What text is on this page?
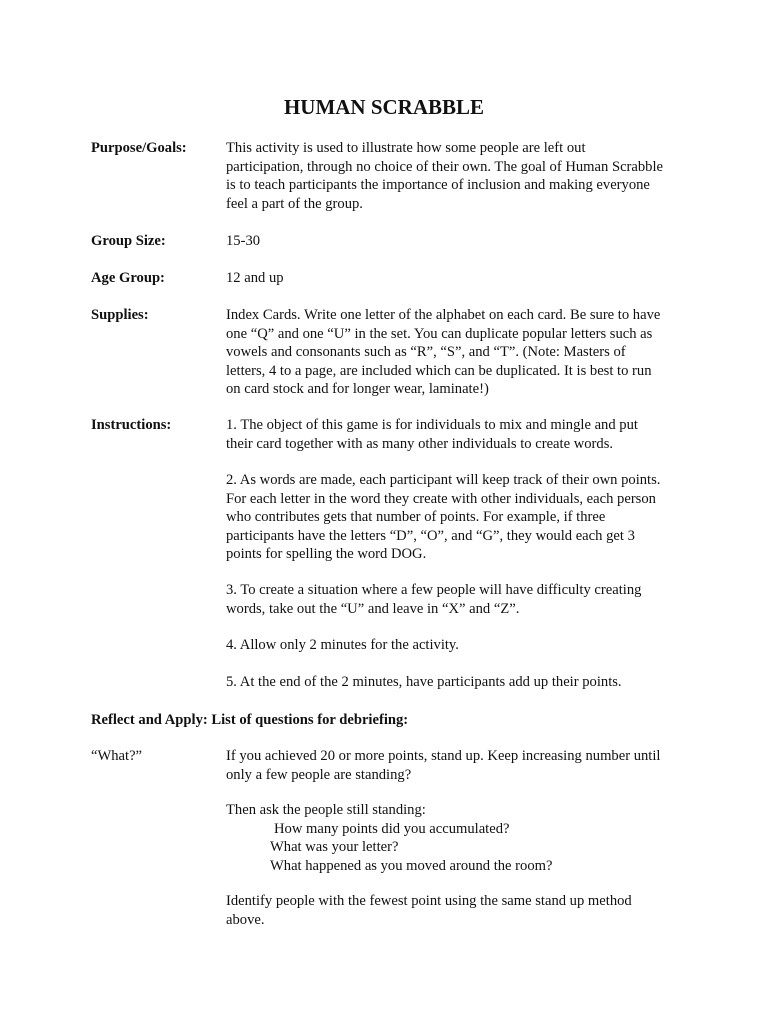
HUMAN SCRABBLE
Purpose/Goals:	This activity is used to illustrate how some people are left out

participation, through no choice of their own. The goal of Human Scrabble

is to teach participants the importance of inclusion and making everyone

feel a part of the group.

Group Size:	15-30
Age Group:	12 and up
Supplies:	Index Cards. Write one letter of the alphabet on each card. Be sure to have

one “Q” and one “U” in the set. You can duplicate popular letters such as

vowels and consonants such as “R”, “S”, and “T”. (Note: Masters of

letters, 4 to a page, are included which can be duplicated. It is best to run

on card stock and for longer wear, laminate!)

Instructions:	1. The object of this game is for individuals to mix and mingle and put

their card together with as many other individuals to create words.

2. As words are made, each participant will keep track of their own points.

For each letter in the word they create with other individuals, each person

who contributes gets that number of points. For example, if three

participants have the letters “D”, “O”, and “G”, they would each get 3

points for spelling the word DOG.

3. To create a situation where a few people will have difficulty creating

words, take out the “U” and leave in “X” and “Z”.

4. Allow only 2 minutes for the activity.

5. At the end of the 2 minutes, have participants add up their points.

Reflect and Apply: List of questions for debriefing:
“What?”	If you achieved 20 or more points, stand up. Keep increasing number until

only a few people are standing?

Then ask the people still standing:

How many points did you accumulated?

What was your letter?

What happened as you moved around the room?

Identify people with the fewest point using the same stand up method

above.
